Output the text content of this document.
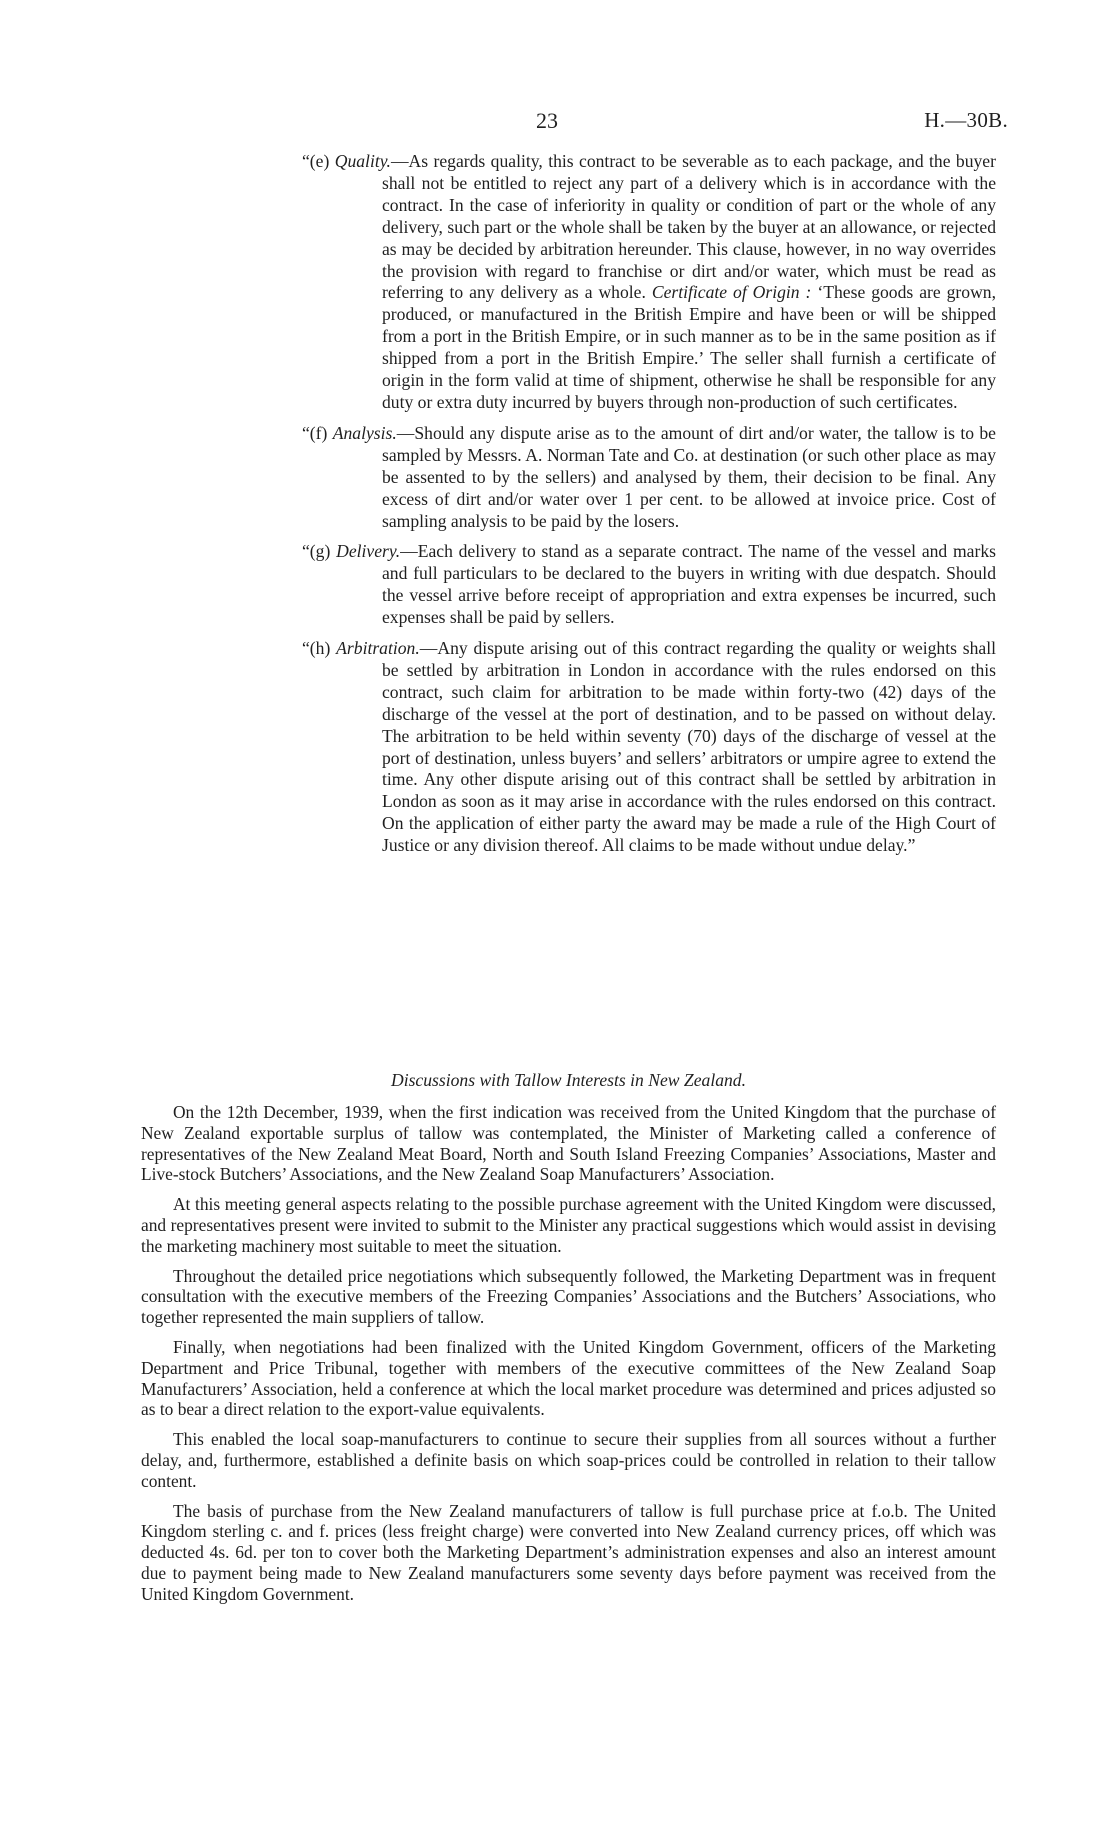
23	H.—30B.

“(e) Quality.—As regards quality, this contract to be severable as to each package, and the buyer shall not be entitled to reject any part of a delivery which is in accordance with the contract. In the case of inferiority in quality or condition of part or the whole of any delivery, such part or the whole shall be taken by the buyer at an allowance, or rejected as may be decided by arbitration hereunder. This clause, however, in no way overrides the provision with regard to franchise or dirt and/or water, which must be read as referring to any delivery as a whole. Certificate of Origin : ‘These goods are grown, produced, or manufactured in the British Empire and have been or will be shipped from a port in the British Empire, or in such manner as to be in the same position as if shipped from a port in the British Empire.’ The seller shall furnish a certificate of origin in the form valid at time of shipment, otherwise he shall be responsible for any duty or extra duty incurred by buyers through non-production of such certificates.

“(f) Analysis.—Should any dispute arise as to the amount of dirt and/or water, the tallow is to be sampled by Messrs. A. Norman Tate and Co. at destination (or such other place as may be assented to by the sellers) and analysed by them, their decision to be final. Any excess of dirt and/or water over 1 per cent. to be allowed at invoice price. Cost of sampling analysis to be paid by the losers.

“(g) Delivery.—Each delivery to stand as a separate contract. The name of the vessel and marks and full particulars to be declared to the buyers in writing with due despatch. Should the vessel arrive before receipt of appropriation and extra expenses be incurred, such expenses shall be paid by sellers.

“(h) Arbitration.—Any dispute arising out of this contract regarding the quality or weights shall be settled by arbitration in London in accordance with the rules endorsed on this contract, such claim for arbitration to be made within forty-two (42) days of the discharge of the vessel at the port of destination, and to be passed on without delay. The arbitration to be held within seventy (70) days of the discharge of vessel at the port of destination, unless buyers’ and sellers’ arbitrators or umpire agree to extend the time. Any other dispute arising out of this contract shall be settled by arbitration in London as soon as it may arise in accordance with the rules endorsed on this contract. On the application of either party the award may be made a rule of the High Court of Justice or any division thereof. All claims to be made without undue delay.”

Discussions with Tallow Interests in New Zealand.

On the 12th December, 1939, when the first indication was received from the United Kingdom that the purchase of New Zealand exportable surplus of tallow was contemplated, the Minister of Marketing called a conference of representatives of the New Zealand Meat Board, North and South Island Freezing Companies’ Associations, Master and Live-stock Butchers’ Associations, and the New Zealand Soap Manufacturers’ Association.

At this meeting general aspects relating to the possible purchase agreement with the United Kingdom were discussed, and representatives present were invited to submit to the Minister any practical suggestions which would assist in devising the marketing machinery most suitable to meet the situation.

Throughout the detailed price negotiations which subsequently followed, the Marketing Department was in frequent consultation with the executive members of the Freezing Companies’ Associations and the Butchers’ Associations, who together represented the main suppliers of tallow.

Finally, when negotiations had been finalized with the United Kingdom Government, officers of the Marketing Department and Price Tribunal, together with members of the executive committees of the New Zealand Soap Manufacturers’ Association, held a conference at which the local market procedure was determined and prices adjusted so as to bear a direct relation to the export-value equivalents.

This enabled the local soap-manufacturers to continue to secure their supplies from all sources without a further delay, and, furthermore, established a definite basis on which soap-prices could be controlled in relation to their tallow content.

The basis of purchase from the New Zealand manufacturers of tallow is full purchase price at f.o.b. The United Kingdom sterling c. and f. prices (less freight charge) were converted into New Zealand currency prices, off which was deducted 4s. 6d. per ton to cover both the Marketing Department’s administration expenses and also an interest amount due to payment being made to New Zealand manufacturers some seventy days before payment was received from the United Kingdom Government.
